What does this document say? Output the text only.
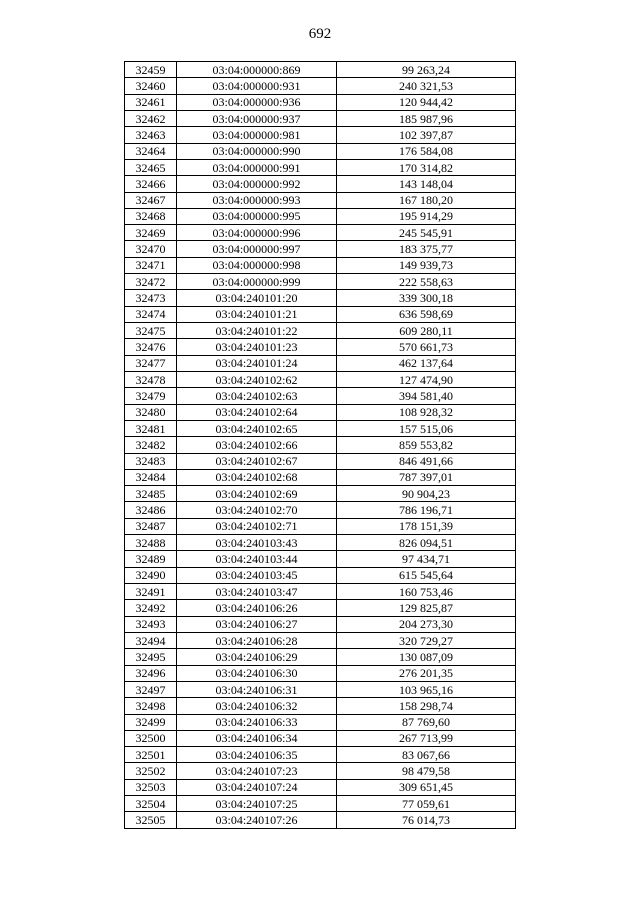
692
32459	03:04:000000:869	99 263,24
32460	03:04:000000:931	240 321,53
32461	03:04:000000:936	120 944,42
32462	03:04:000000:937	185 987,96
32463	03:04:000000:981	102 397,87
32464	03:04:000000:990	176 584,08
32465	03:04:000000:991	170 314,82
32466	03:04:000000:992	143 148,04
32467	03:04:000000:993	167 180,20
32468	03:04:000000:995	195 914,29
32469	03:04:000000:996	245 545,91
32470	03:04:000000:997	183 375,77
32471	03:04:000000:998	149 939,73
32472	03:04:000000:999	222 558,63
32473	03:04:240101:20	339 300,18
32474	03:04:240101:21	636 598,69
32475	03:04:240101:22	609 280,11
32476	03:04:240101:23	570 661,73
32477	03:04:240101:24	462 137,64
32478	03:04:240102:62	127 474,90
32479	03:04:240102:63	394 581,40
32480	03:04:240102:64	108 928,32
32481	03:04:240102:65	157 515,06
32482	03:04:240102:66	859 553,82
32483	03:04:240102:67	846 491,66
32484	03:04:240102:68	787 397,01
32485	03:04:240102:69	90 904,23
32486	03:04:240102:70	786 196,71
32487	03:04:240102:71	178 151,39
32488	03:04:240103:43	826 094,51
32489	03:04:240103:44	97 434,71
32490	03:04:240103:45	615 545,64
32491	03:04:240103:47	160 753,46
32492	03:04:240106:26	129 825,87
32493	03:04:240106:27	204 273,30
32494	03:04:240106:28	320 729,27
32495	03:04:240106:29	130 087,09
32496	03:04:240106:30	276 201,35
32497	03:04:240106:31	103 965,16
32498	03:04:240106:32	158 298,74
32499	03:04:240106:33	87 769,60
32500	03:04:240106:34	267 713,99
32501	03:04:240106:35	83 067,66
32502	03:04:240107:23	98 479,58
32503	03:04:240107:24	309 651,45
32504	03:04:240107:25	77 059,61
32505	03:04:240107:26	76 014,73
